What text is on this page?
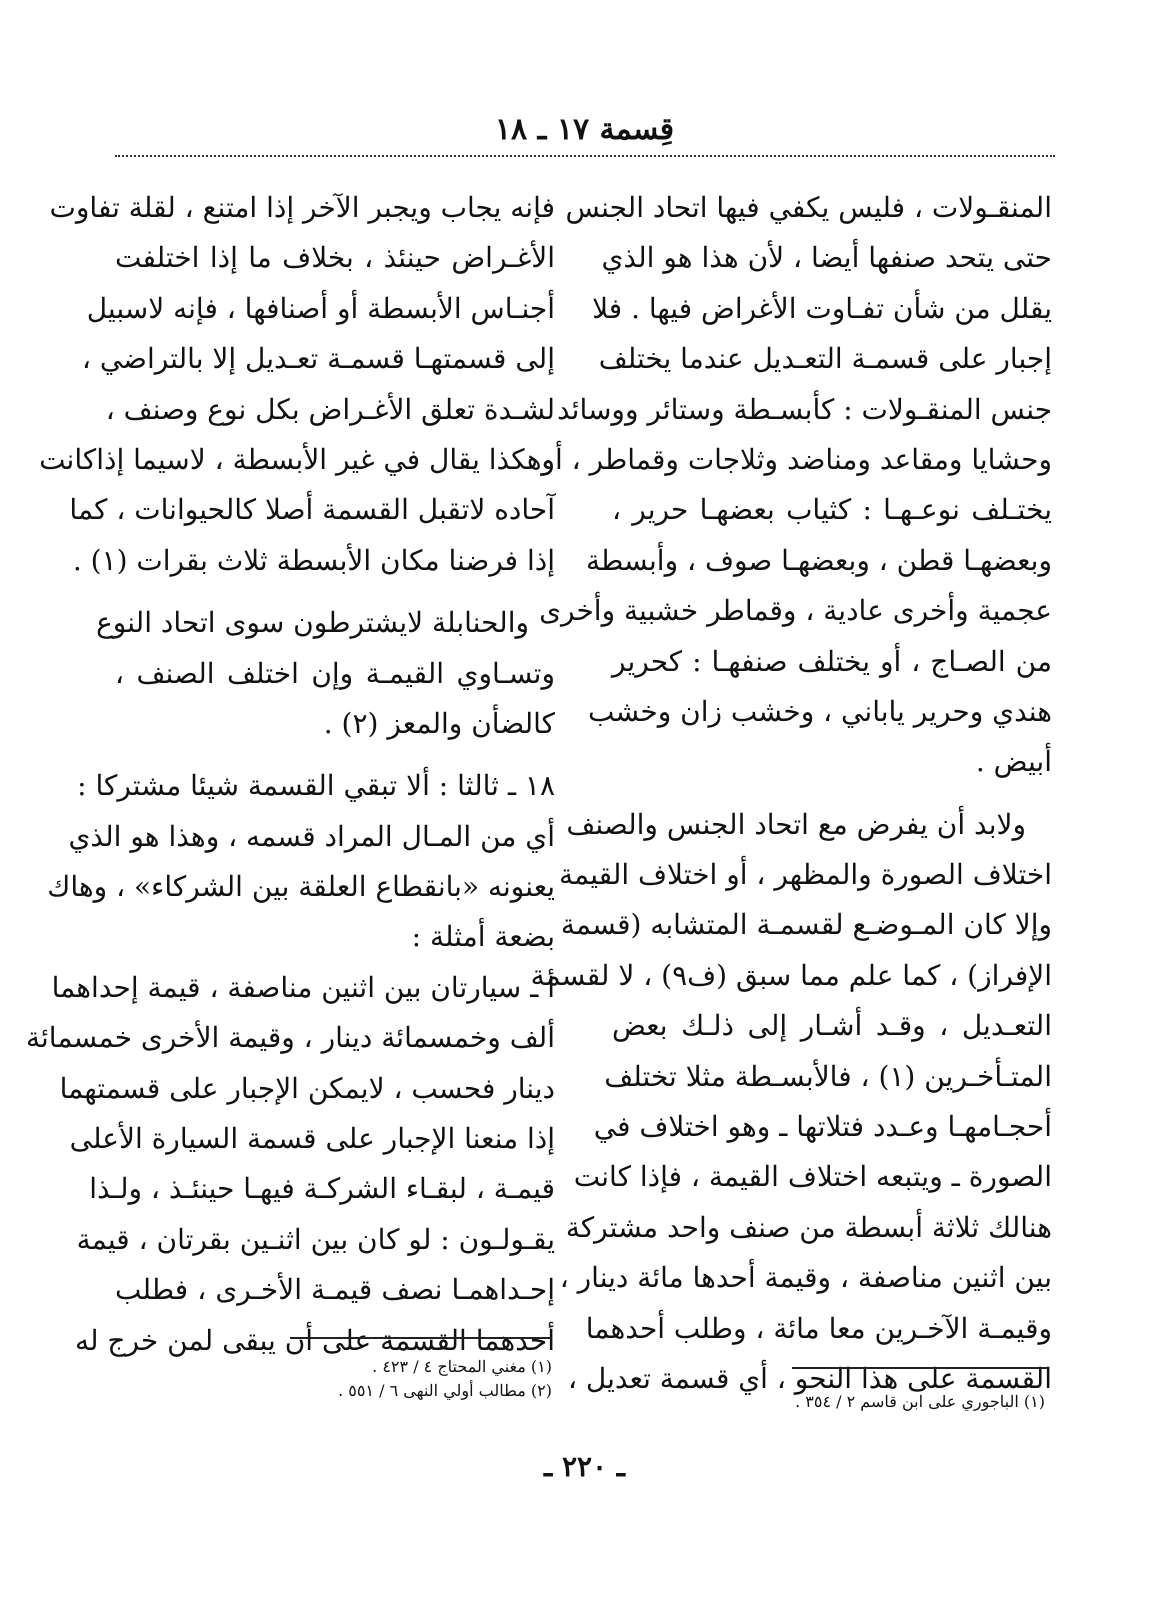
قِسمة ١٧ ـ ١٨
المنقـولات ، فليس يكفي فيها اتحاد الجنس
حتى يتحد صنفها أيضا ، لأن هذا هو الذي
يقلل من شأن تفـاوت الأغراض فيها . فلا
إجبار على قسمـة التعـديل عندما يختلف
جنس المنقـولات : كأبسـطة وستائر ووسائد
وحشايا ومقاعد ومناضد وثلاجات وقماطر ، أو
يختـلف نوعـهـا : كثياب بعضهـا حرير ،
وبعضهـا قطن ، وبعضهـا صوف ، وأبسطة
عجمية وأخرى عادية ، وقماطر خشبية وأخرى
من الصـاج ، أو يختلف صنفهـا : كحرير
هندي وحرير ياباني ، وخشب زان وخشب
أبيض .
ولابد أن يفرض مع اتحاد الجنس والصنف
اختلاف الصورة والمظهر ، أو اختلاف القيمة
وإلا كان المـوضـع لقسمـة المتشابه (قسمة
الإفراز) ، كما علم مما سبق (ف٩) ، لا لقسمة
التعـديل ، وقـد أشـار إلى ذلـك بعض
المتـأخـرين (١) ، فالأبسـطة مثلا تختلف
أحجـامهـا وعـدد فتلاتها ـ وهو اختلاف في
الصورة ـ ويتبعه اختلاف القيمة ، فإذا كانت
هنالك ثلاثة أبسطة من صنف واحد مشتركة
بين اثنين مناصفة ، وقيمة أحدها مائة دينار ،
وقيمـة الآخـرين معا مائة ، وطلب أحدهما
القسمة على هذا النحو ، أي قسمة تعديل ،
فإنه يجاب ويجبر الآخر إذا امتنع ، لقلة تفاوت
الأغـراض حينئذ ، بخلاف ما إذا اختلفت
أجنـاس الأبسطة أو أصنافها ، فإنه لاسبيل
إلى قسمتهـا قسمـة تعـديل إلا بالتراضي ،
لشـدة تعلق الأغـراض بكل نوع وصنف ،
وهكذا يقال في غير الأبسطة ، لاسيما إذاكانت
آحاده لاتقبل القسمة أصلا كالحيوانات ، كما
إذا فرضنا مكان الأبسطة ثلاث بقرات (١) .
والحنابلة لايشترطون سوى اتحاد النوع
وتسـاوي القيمـة وإن اختلف الصنف ،
كالضأن والمعز (٢) .
١٨ ـ ثالثا : ألا تبقي القسمة شيئا مشتركا :
أي من المـال المراد قسمه ، وهذا هو الذي
يعنونه «بانقطاع العلقة بين الشركاء» ، وهاك
بضعة أمثلة :
أ ـ سيارتان بين اثنين مناصفة ، قيمة إحداهما
ألف وخمسمائة دينار ، وقيمة الأخرى خمسمائة
دينار فحسب ، لايمكن الإجبار على قسمتهما
إذا منعنا الإجبار على قسمة السيارة الأعلى
قيمـة ، لبقـاء الشركـة فيهـا حينئـذ ، ولـذا
يقـولـون : لو كان بين اثنـين بقرتان ، قيمة
إحـداهمـا نصف قيمـة الأخـرى ، فطلب
أحدهما القسمة على أن يبقى لمن خرج له
(١) مغني المحتاج ٤ / ٤٢٣ .
(٢) مطالب أولي النهى ٦ / ٥٥١ .
(١) الباجوري على ابن قاسم ٢ / ٣٥٤ .
ـ ٢٢٠ ـ
